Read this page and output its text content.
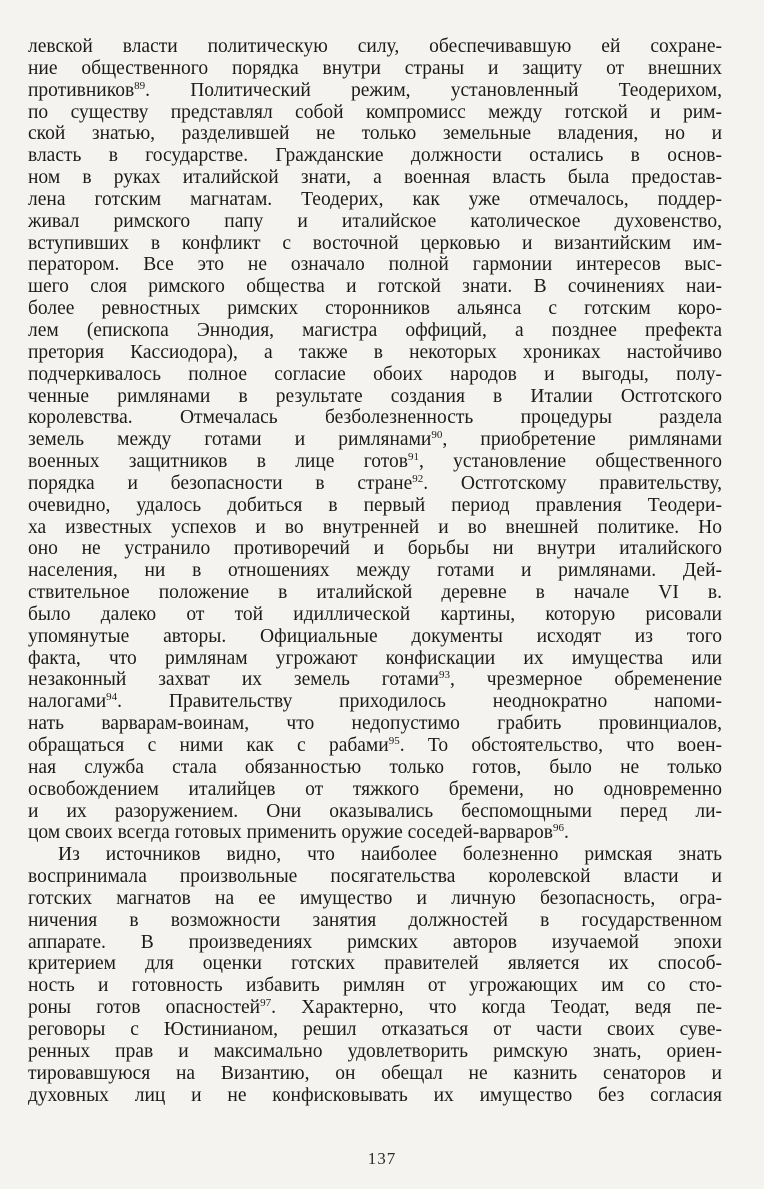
левской власти политическую силу, обеспечивавшую ей сохране-
ние общественного порядка внутри страны и защиту от внешних
противников$^{89}$. Политический режим, установленный Теодерихом,
по существу представлял собой компромисс между готской и рим-
ской знатью, разделившей не только земельные владения, но и
власть в государстве. Гражданские должности остались в основ-
ном в руках италийской знати, а военная власть была предостав-
лена готским магнатам. Теодерих, как уже отмечалось, поддер-
живал римского папу и италийское католическое духовенство,
вступивших в конфликт с восточной церковью и византийским им-
ператором. Все это не означало полной гармонии интересов выс-
шего слоя римского общества и готской знати. В сочинениях наи-
более ревностных римских сторонников альянса с готским коро-
лем (епископа Эннодия, магистра оффиций, а позднее префекта
претория Кассиодора), а также в некоторых хрониках настойчиво
подчеркивалось полное согласие обоих народов и выгоды, полу-
ченные римлянами в результате создания в Италии Остготского
королевства. Отмечалась безболезненность процедуры раздела
земель между готами и римлянами$^{90}$, приобретение римлянами
военных защитников в лице готов$^{91}$, установление общественного
порядка и безопасности в стране$^{92}$. Остготскому правительству,
очевидно, удалось добиться в первый период правления Теодери-
ха известных успехов и во внутренней и во внешней политике. Но
оно не устранило противоречий и борьбы ни внутри италийского
населения, ни в отношениях между готами и римлянами. Дей-
ствительное положение в италийской деревне в начале VI в.
было далеко от той идиллической картины, которую рисовали
упомянутые авторы. Официальные документы исходят из того
факта, что римлянам угрожают конфискации их имущества или
незаконный захват их земель готами$^{93}$, чрезмерное обременение
налогами$^{94}$. Правительству приходилось неоднократно напоми-
нать варварам-воинам, что недопустимо грабить провинциалов,
обращаться с ними как с рабами$^{95}$. То обстоятельство, что воен-
ная служба стала обязанностью только готов, было не только
освобождением италийцев от тяжкого бремени, но одновременно
и их разоружением. Они оказывались беспомощными перед ли-
цом своих всегда готовых применить оружие соседей-варваров$^{96}$.
Из источников видно, что наиболее болезненно римская знать
воспринимала произвольные посягательства королевской власти и
готских магнатов на ее имущество и личную безопасность, огра-
ничения в возможности занятия должностей в государственном
аппарате. В произведениях римских авторов изучаемой эпохи
критерием для оценки готских правителей является их способ-
ность и готовность избавить римлян от угрожающих им со сто-
роны готов опасностей$^{97}$. Характерно, что когда Теодат, ведя пе-
реговоры с Юстинианом, решил отказаться от части своих суве-
ренных прав и максимально удовлетворить римскую знать, ориен-
тировавшуюся на Византию, он обещал не казнить сенаторов и
духовных лиц и не конфисковывать их имущество без согласия
137
